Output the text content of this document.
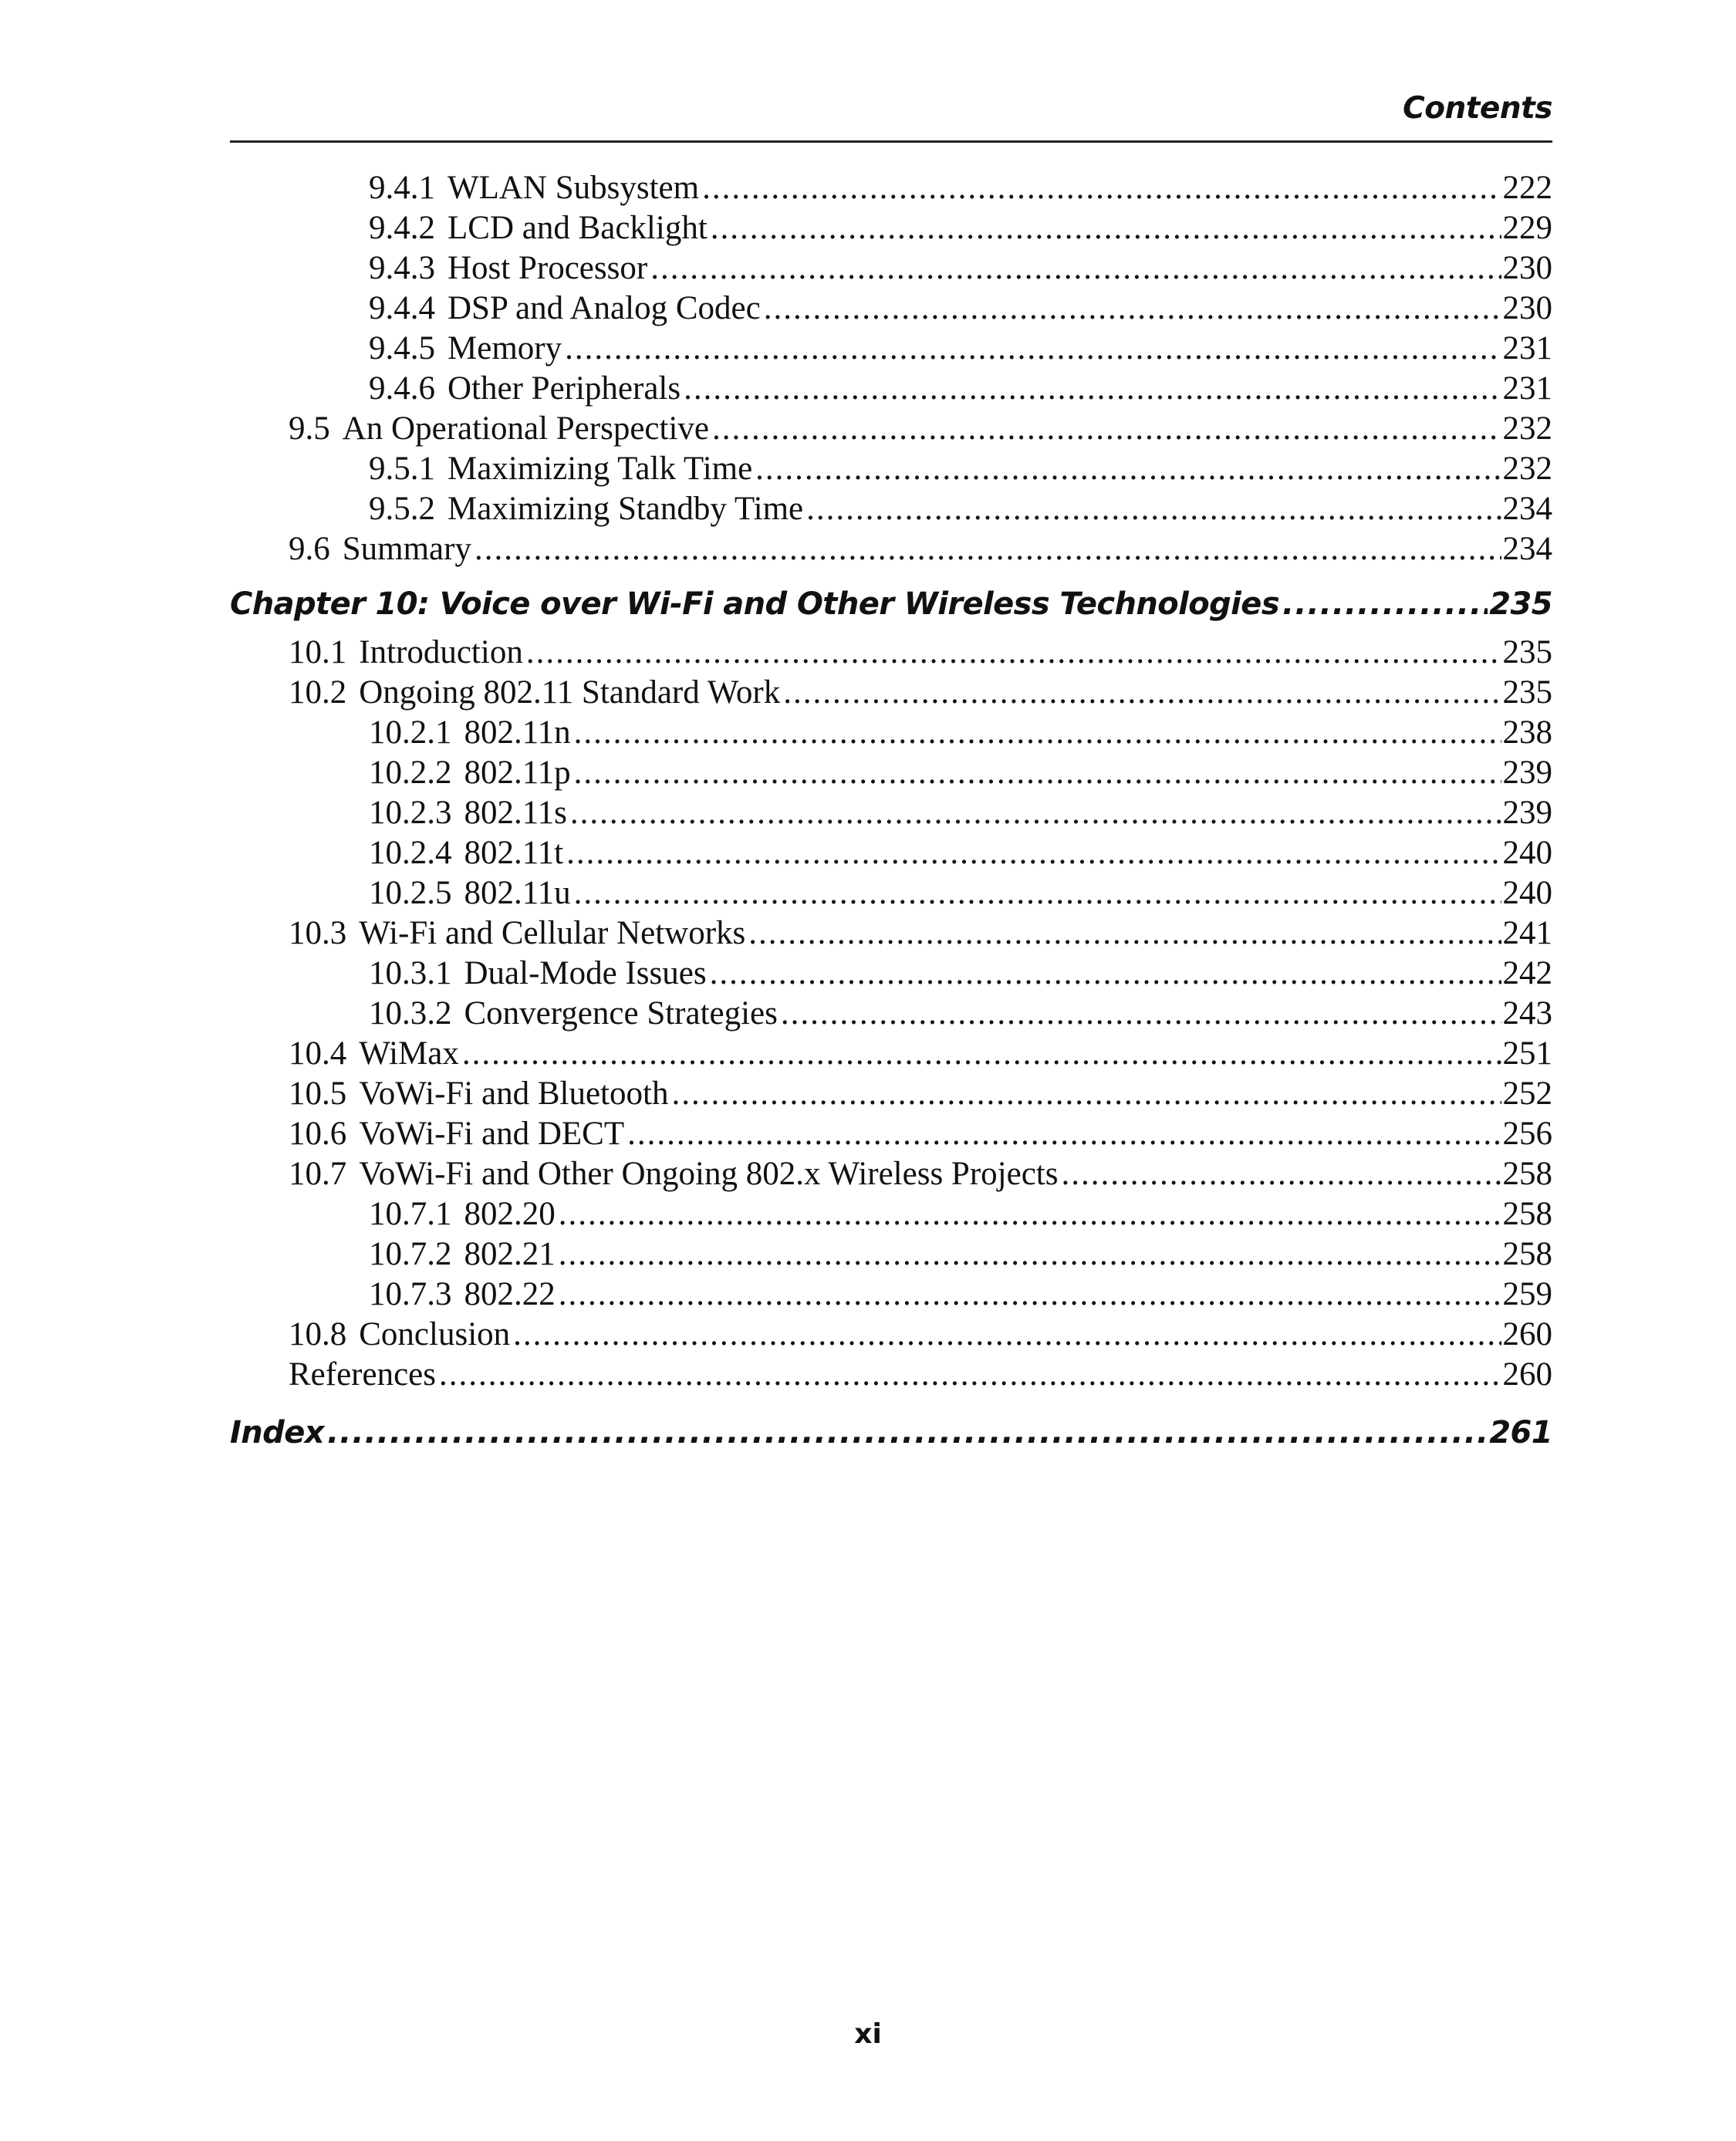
Contents
9.4.1 WLAN Subsystem .....	222
9.4.2 LCD and Backlight .....	229
9.4.3 Host Processor .....	230
9.4.4 DSP and Analog Codec .....	230
9.4.5 Memory .....	231
9.4.6 Other Peripherals .....	231
9.5 An Operational Perspective .....	232
9.5.1 Maximizing Talk Time .....	232
9.5.2 Maximizing Standby Time .....	234
9.6 Summary .....	234
Chapter 10: Voice over Wi-Fi and Other Wireless Technologies .....	235
10.1 Introduction .....	235
10.2 Ongoing 802.11 Standard Work .....	235
10.2.1 802.11n .....	238
10.2.2 802.11p .....	239
10.2.3 802.11s .....	239
10.2.4 802.11t .....	240
10.2.5 802.11u .....	240
10.3 Wi-Fi and Cellular Networks .....	241
10.3.1 Dual-Mode Issues .....	242
10.3.2 Convergence Strategies .....	243
10.4 WiMax .....	251
10.5 VoWi-Fi and Bluetooth .....	252
10.6 VoWi-Fi and DECT .....	256
10.7 VoWi-Fi and Other Ongoing 802.x Wireless Projects .....	258
10.7.1 802.20 .....	258
10.7.2 802.21 .....	258
10.7.3 802.22 .....	259
10.8 Conclusion .....	260
References .....	260
Index .....	261
xi
